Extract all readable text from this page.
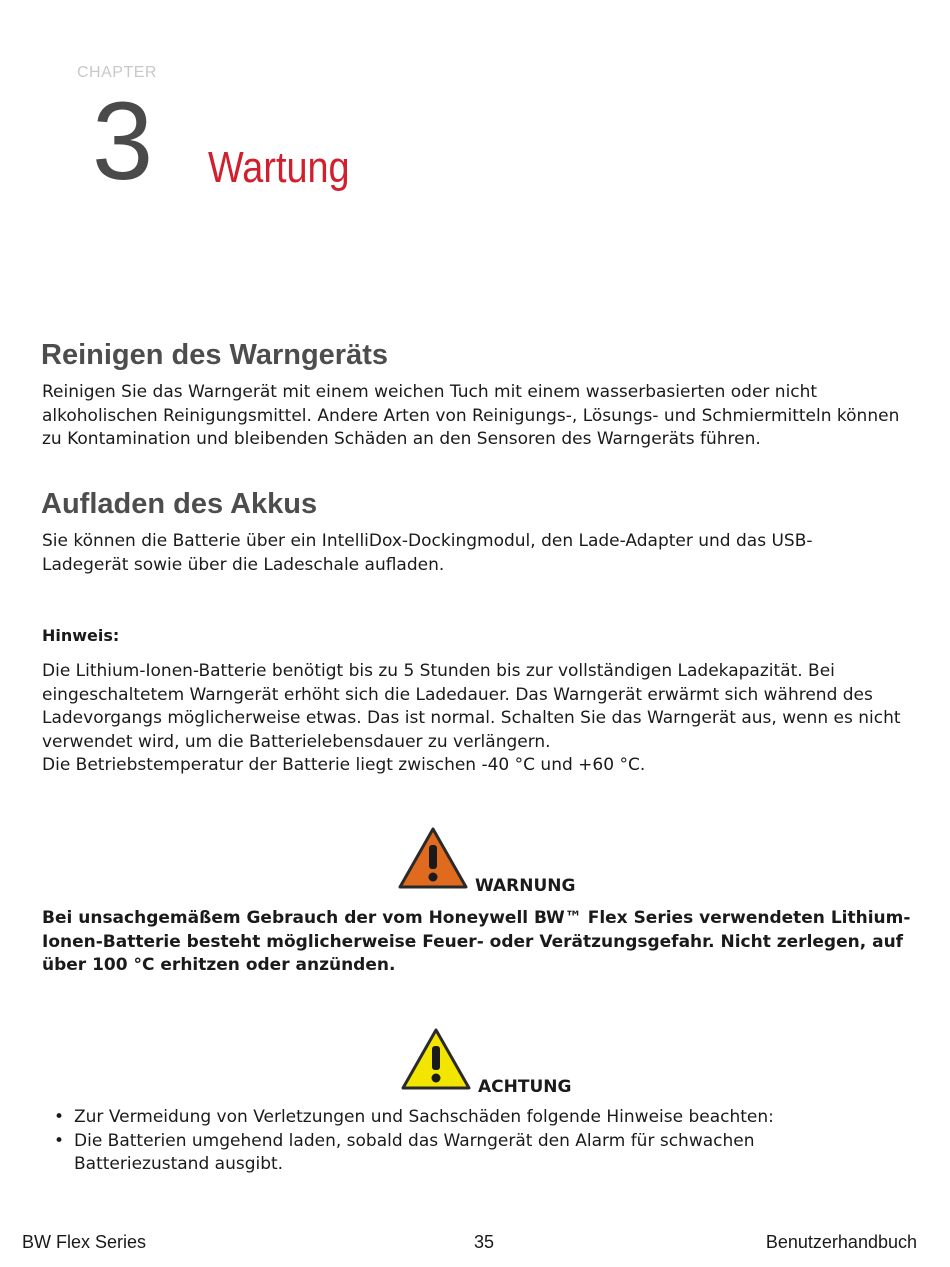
CHAPTER
3 Wartung
Reinigen des Warngeräts
Reinigen Sie das Warngerät mit einem weichen Tuch mit einem wasserbasierten oder nicht alkoholischen Reinigungsmittel. Andere Arten von Reinigungs-, Lösungs- und Schmiermitteln können zu Kontamination und bleibenden Schäden an den Sensoren des Warngeräts führen.
Aufladen des Akkus
Sie können die Batterie über ein IntelliDox-Dockingmodul, den Lade-Adapter und das USB-Ladegerät sowie über die Ladeschale aufladen.
Hinweis:
Die Lithium-Ionen-Batterie benötigt bis zu 5 Stunden bis zur vollständigen Ladekapazität. Bei eingeschaltetem Warngerät erhöht sich die Ladedauer. Das Warngerät erwärmt sich während des Ladevorgangs möglicherweise etwas. Das ist normal. Schalten Sie das Warngerät aus, wenn es nicht verwendet wird, um die Batterielebensdauer zu verlängern.
Die Betriebstemperatur der Batterie liegt zwischen -40 °C und +60 °C.
WARNUNG
Bei unsachgemäßem Gebrauch der vom Honeywell BW™ Flex Series verwendeten Lithium-Ionen-Batterie besteht möglicherweise Feuer- oder Verätzungsgefahr. Nicht zerlegen, auf über 100 °C erhitzen oder anzünden.
ACHTUNG
• Zur Vermeidung von Verletzungen und Sachschäden folgende Hinweise beachten:
• Die Batterien umgehend laden, sobald das Warngerät den Alarm für schwachen Batteriezustand ausgibt.
BW Flex Series	35	Benutzerhandbuch
